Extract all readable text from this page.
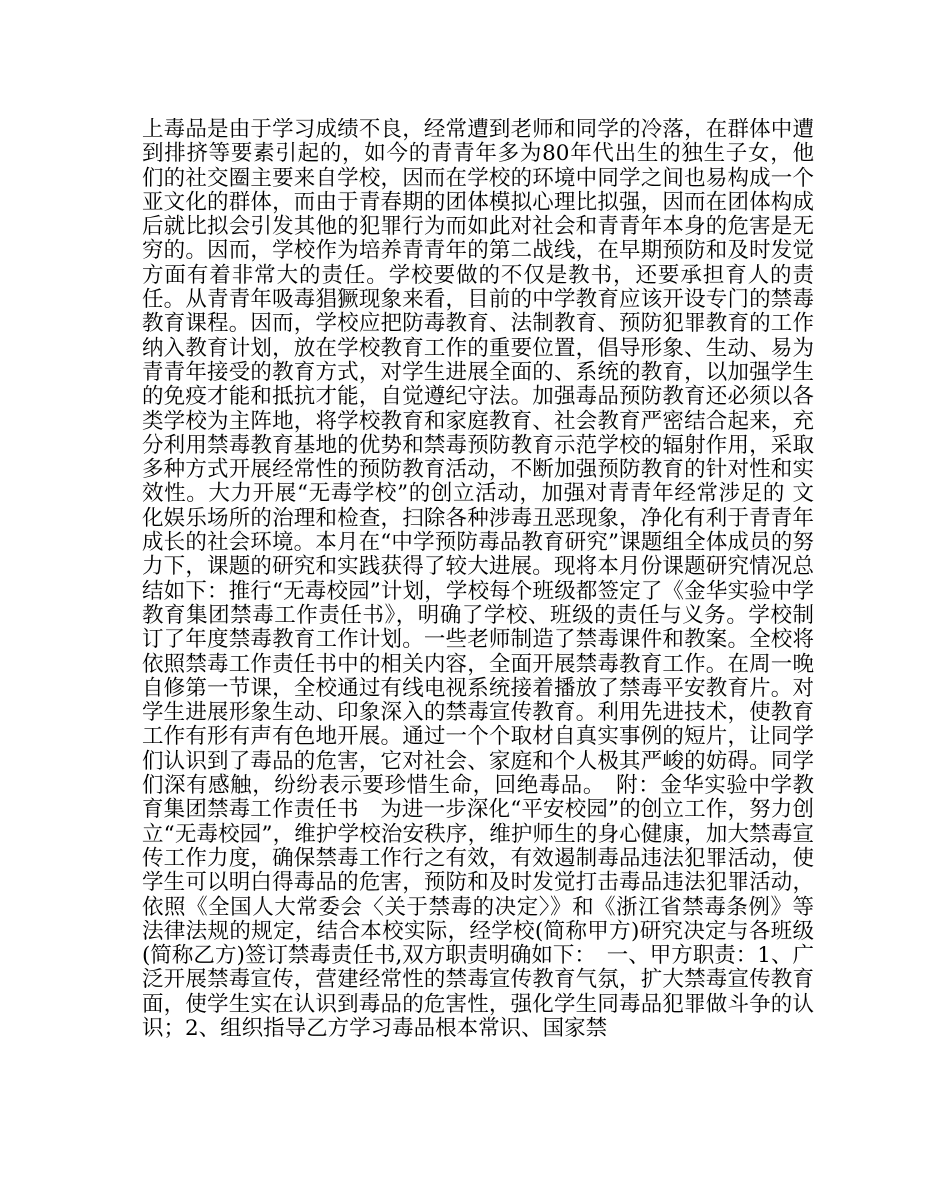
上毒品是由于学习成绩不良，经常遭到老师和同学的冷落，在群体中遭到排挤等要素引起的，如今的青青年多为80年代出生的独生子女，他们的社交圈主要来自学校，因而在学校的环境中同学之间也易构成一个亚文化的群体，而由于青春期的团体模拟心理比拟强，因而在团体构成后就比拟会引发其他的犯罪行为而如此对社会和青青年本身的危害是无穷的。因而，学校作为培养青青年的第二战线，在早期预防和及时发觉方面有着非常大的责任。学校要做的不仅是教书，还要承担育人的责任。从青青年吸毒猖獗现象来看，目前的中学教育应该开设专门的禁毒教育课程。因而，学校应把防毒教育、法制教育、预防犯罪教育的工作纳入教育计划，放在学校教育工作的重要位置，倡导形象、生动、易为青青年接受的教育方式，对学生进展全面的、系统的教育，以加强学生的免疫才能和抵抗才能，自觉遵纪守法。加强毒品预防教育还必须以各类学校为主阵地，将学校教育和家庭教育、社会教育严密结合起来，充分利用禁毒教育基地的优势和禁毒预防教育示范学校的辐射作用，采取多种方式开展经常性的预防教育活动，不断加强预防教育的针对性和实效性。大力开展“无毒学校”的创立活动，加强对青青年经常涉足的 文化娱乐场所的治理和检查，扫除各种涉毒丑恶现象，净化有利于青青年成长的社会环境。本月在“中学预防毒品教育研究”课题组全体成员的努力下，课题的研究和实践获得了较大进展。现将本月份课题研究情况总结如下：推行“无毒校园”计划，学校每个班级都签定了《金华实验中学教育集团禁毒工作责任书》，明确了学校、班级的责任与义务。学校制订了年度禁毒教育工作计划。一些老师制造了禁毒课件和教案。全校将依照禁毒工作责任书中的相关内容，全面开展禁毒教育工作。在周一晚自修第一节课，全校通过有线电视系统接着播放了禁毒平安教育片。对学生进展形象生动、印象深入的禁毒宣传教育。利用先进技术，使教育工作有形有声有色地开展。通过一个个取材自真实事例的短片，让同学们认识到了毒品的危害，它对社会、家庭和个人极其严峻的妨碍。同学们深有感触，纷纷表示要珍惜生命，回绝毒品。　附：金华实验中学教育集团禁毒工作责任书　为进一步深化“平安校园”的创立工作，努力创立“无毒校园”，维护学校治安秩序，维护师生的身心健康，加大禁毒宣传工作力度，确保禁毒工作行之有效，有效遏制毒品违法犯罪活动，使学生可以明白得毒品的危害，预防和及时发觉打击毒品违法犯罪活动，依照《全国人大常委会〈关于禁毒的决定〉》和《浙江省禁毒条例》等法律法规的规定，结合本校实际，经学校(简称甲方)研究决定与各班级(简称乙方)签订禁毒责任书,双方职责明确如下：　一、甲方职责：1、广泛开展禁毒宣传，营建经常性的禁毒宣传教育气氛，扩大禁毒宣传教育面，使学生实在认识到毒品的危害性，强化学生同毒品犯罪做斗争的认识；2、组织指导乙方学习毒品根本常识、国家禁
